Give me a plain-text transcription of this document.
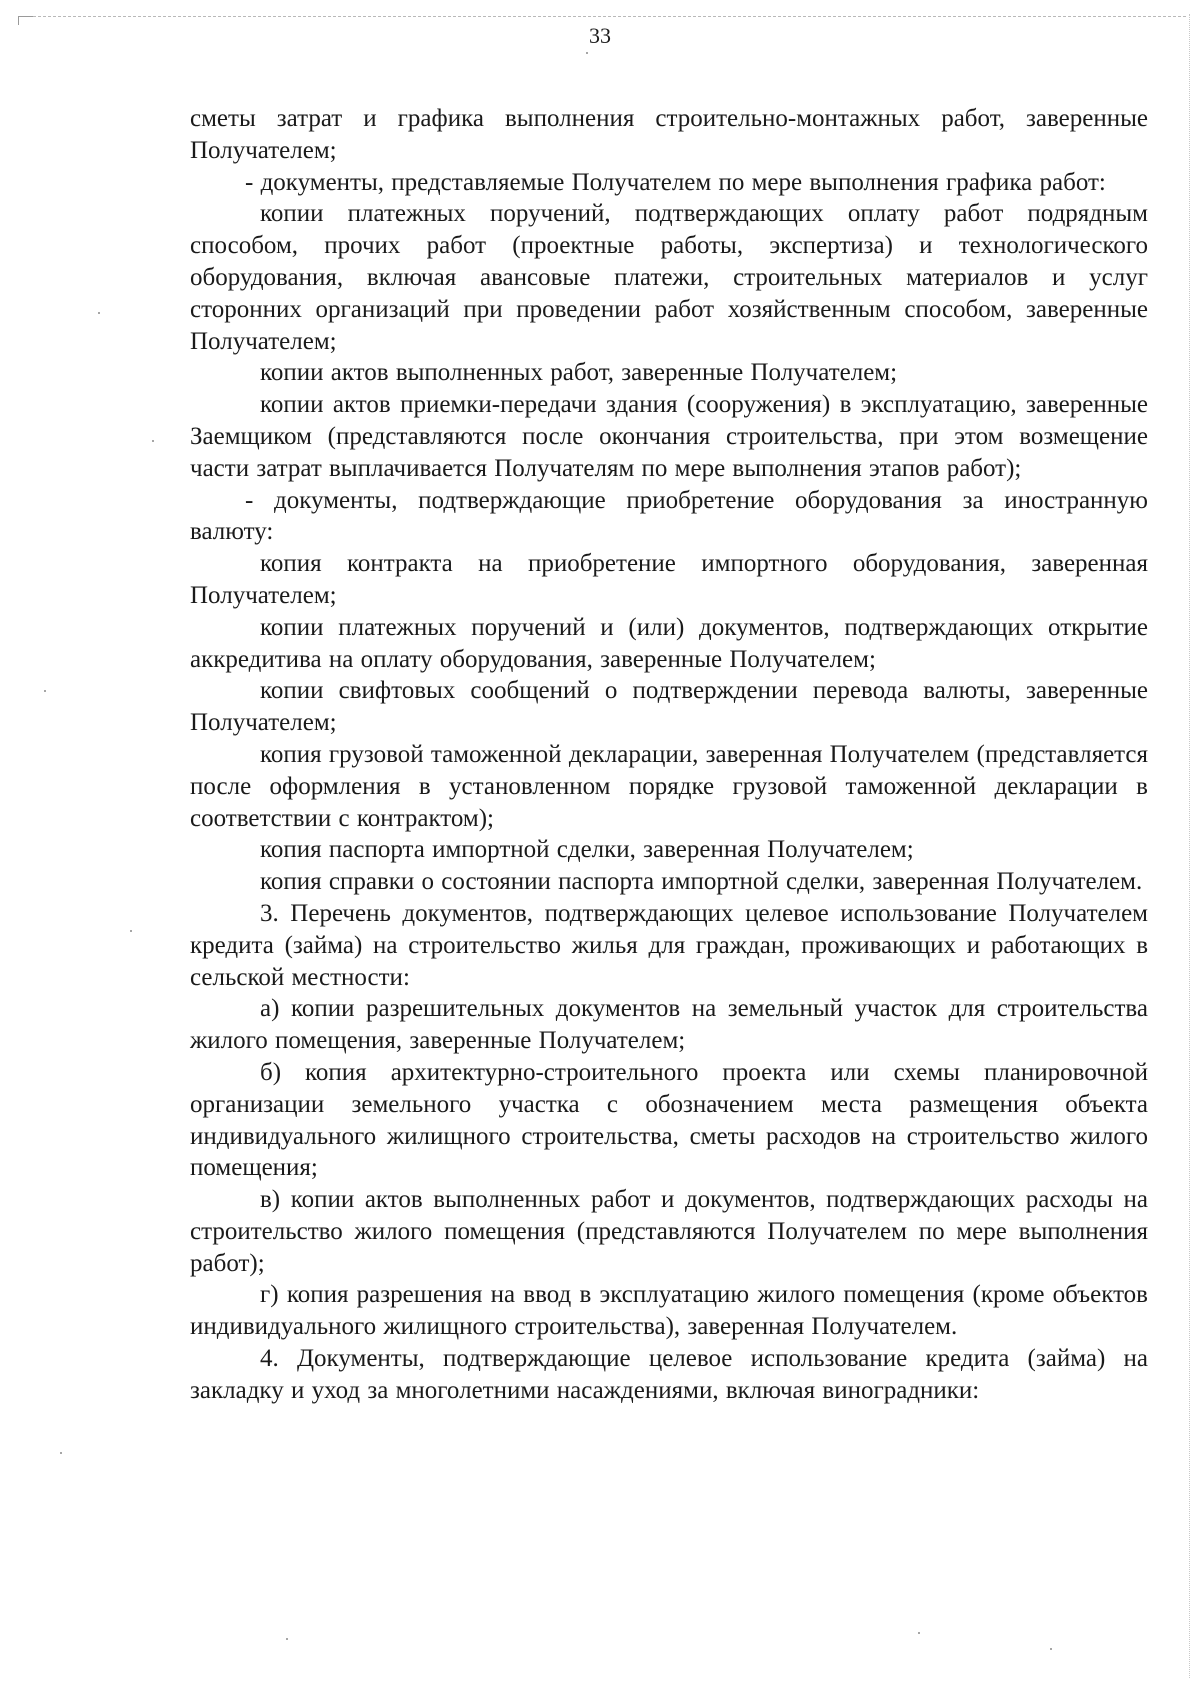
33

сметы затрат и графика выполнения строительно-монтажных работ, заверенные Получателем;

- документы, представляемые Получателем по мере выполнения графика работ:

копии платежных поручений, подтверждающих оплату работ подрядным способом, прочих работ (проектные работы, экспертиза) и технологического оборудования, включая авансовые платежи, строительных материалов и услуг сторонних организаций при проведении работ хозяйственным способом, заверенные Получателем;

копии актов выполненных работ, заверенные Получателем;

копии актов приемки-передачи здания (сооружения) в эксплуатацию, заверенные Заемщиком (представляются после окончания строительства, при этом возмещение части затрат выплачивается Получателям по мере выполнения этапов работ);

- документы, подтверждающие приобретение оборудования за иностранную валюту:

копия контракта на приобретение импортного оборудования, заверенная Получателем;

копии платежных поручений и (или) документов, подтверждающих открытие аккредитива на оплату оборудования, заверенные Получателем;

копии свифтовых сообщений о подтверждении перевода валюты, заверенные Получателем;

копия грузовой таможенной декларации, заверенная Получателем (представляется после оформления в установленном порядке грузовой таможенной декларации в соответствии с контрактом);

копия паспорта импортной сделки, заверенная Получателем;

копия справки о состоянии паспорта импортной сделки, заверенная Получателем.

3. Перечень документов, подтверждающих целевое использование Получателем кредита (займа) на строительство жилья для граждан, проживающих и работающих в сельской местности:

а) копии разрешительных документов на земельный участок для строительства жилого помещения, заверенные Получателем;

б) копия архитектурно-строительного проекта или схемы планировочной организации земельного участка с обозначением места размещения объекта индивидуального жилищного строительства, сметы расходов на строительство жилого помещения;

в) копии актов выполненных работ и документов, подтверждающих расходы на строительство жилого помещения (представляются Получателем по мере выполнения работ);

г) копия разрешения на ввод в эксплуатацию жилого помещения (кроме объектов индивидуального жилищного строительства), заверенная Получателем.

4. Документы, подтверждающие целевое использование кредита (займа) на закладку и уход за многолетними насаждениями, включая виноградники:
